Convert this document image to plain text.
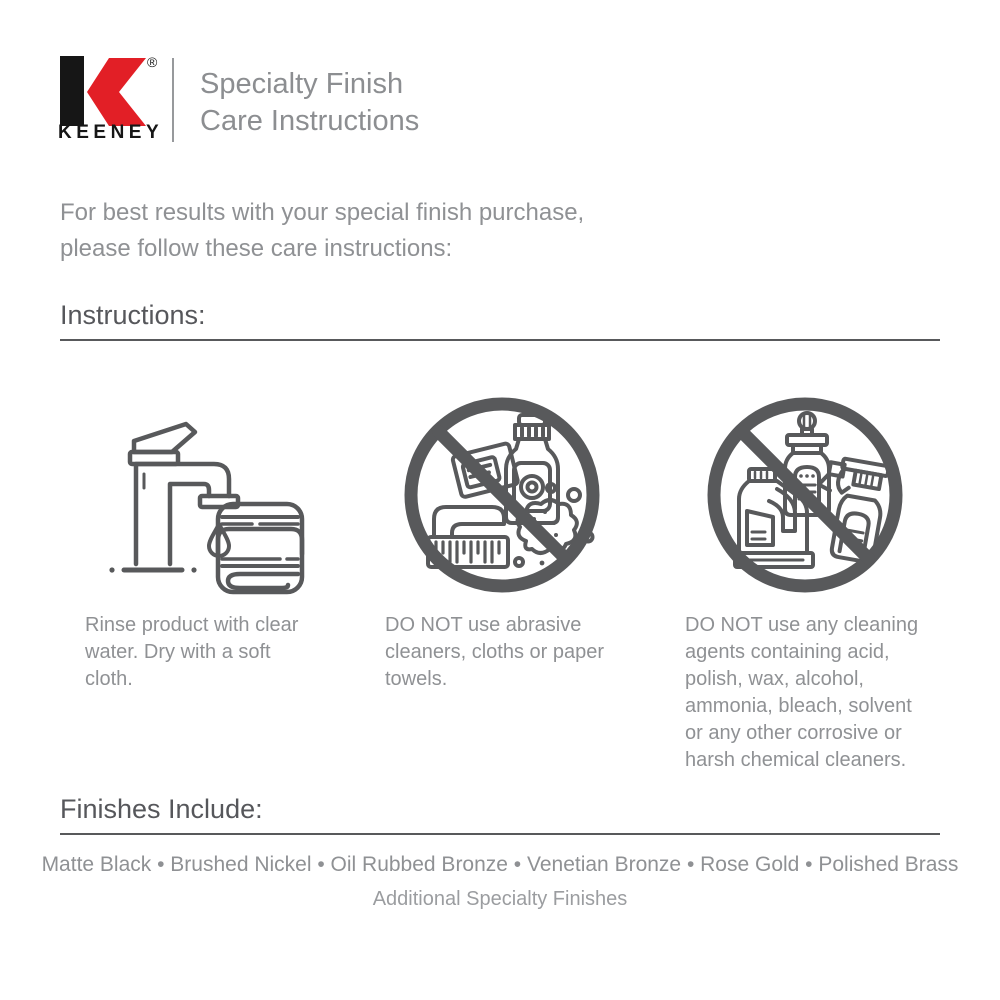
®
KEENEY
Specialty Finish
Care Instructions

For best results with your special finish purchase,
please follow these care instructions:

Instructions:

Rinse product with clear water. Dry with a soft cloth.

DO NOT use abrasive cleaners, cloths or paper towels.

DO NOT use any cleaning agents containing acid, polish, wax, alcohol, ammonia, bleach, solvent or any other corrosive or harsh chemical cleaners.

Finishes Include:

Matte Black • Brushed Nickel • Oil Rubbed Bronze • Venetian Bronze • Rose Gold • Polished Brass

Additional Specialty Finishes
